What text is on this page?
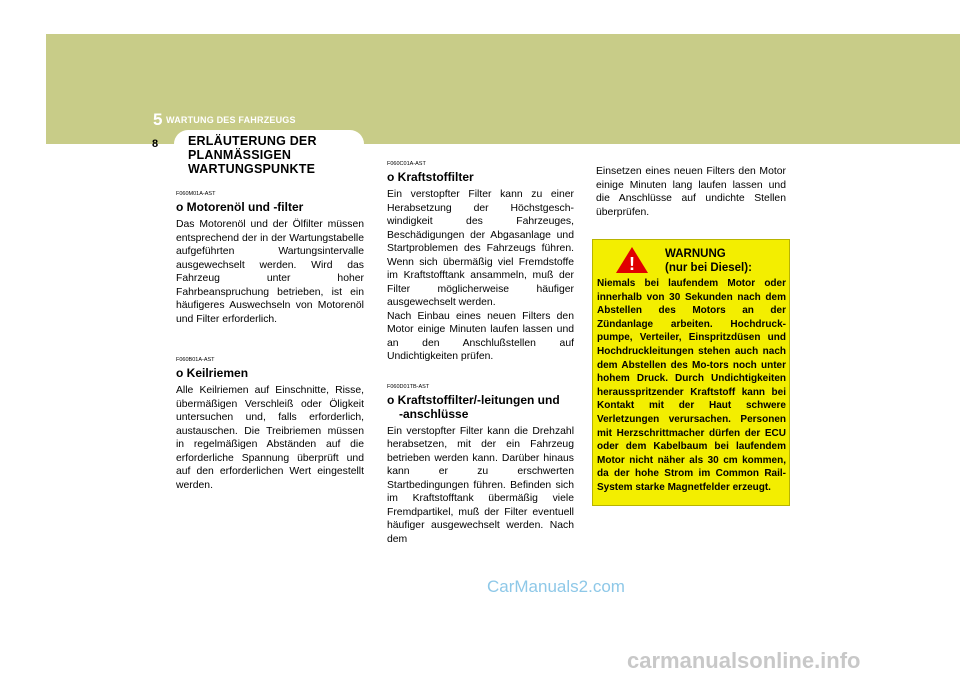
5 WARTUNG DES FAHRZEUGS
8 ERLÄUTERUNG DER PLANMÄSSIGEN WARTUNGSPUNKTE
F060M01A-AST
o Motorenöl und -filter
Das Motorenöl und der Ölfilter müssen entsprechend der in der Wartungstabelle aufgeführten Wartungsintervalle ausgewechselt werden. Wird das Fahrzeug unter hoher Fahrbeanspruchung betrieben, ist ein häufigeres Auswechseln von Motorenöl und Filter erforderlich.
F060B01A-AST
o Keilriemen
Alle Keilriemen auf Einschnitte, Risse, übermäßigen Verschleiß oder Öligkeit untersuchen und, falls erforderlich, austauschen. Die Treibriemen müssen in regelmäßigen Abständen auf die erforderliche Spannung überprüft und auf den erforderlichen Wert eingestellt werden.
F060C01A-AST
o Kraftstoffilter
Ein verstopfter Filter kann zu einer Herabsetzung der Höchstgesch-windigkeit des Fahrzeuges, Beschädigungen der Abgasanlage und Startproblemen des Fahrzeugs führen. Wenn sich übermäßig viel Fremdstoffe im Kraftstofftank ansammeln, muß der Filter möglicherweise häufiger ausgewechselt werden.
Nach Einbau eines neuen Filters den Motor einige Minuten laufen lassen und an den Anschlußstellen auf Undichtigkeiten prüfen.
F060D01TB-AST
o Kraftstoffilter/-leitungen und
-anschlüsse
Ein verstopfter Filter kann die Drehzahl herabsetzen, mit der ein Fahrzeug betrieben werden kann. Darüber hinaus kann er zu erschwerten Startbedingungen führen. Befinden sich im Kraftstofftank übermäßig viele Fremdpartikel, muß der Filter eventuell häufiger ausgewechselt werden. Nach dem
Einsetzen eines neuen Filters den Motor einige Minuten lang laufen lassen und die Anschlüsse auf undichte Stellen überprüfen.
!	WARNUNG
(nur bei Diesel):
Niemals bei laufendem Motor oder innerhalb von 30 Sekunden nach dem Abstellen des Motors an der Zündanlage arbeiten. Hochdruck-pumpe, Verteiler, Einspritzdüsen und Hochdruckleitungen stehen auch nach dem Abstellen des Mo-tors noch unter hohem Druck. Durch Undichtigkeiten herausspritzender Kraftstoff kann bei Kontakt mit der Haut schwere Verletzungen verursachen. Personen mit Herzschrittmacher dürfen der ECU oder dem Kabelbaum bei laufendem Motor nicht näher als 30 cm kommen, da der hohe Strom im Common Rail-System starke Magnetfelder erzeugt.
CarManuals2.com
carmanualsonline.info
